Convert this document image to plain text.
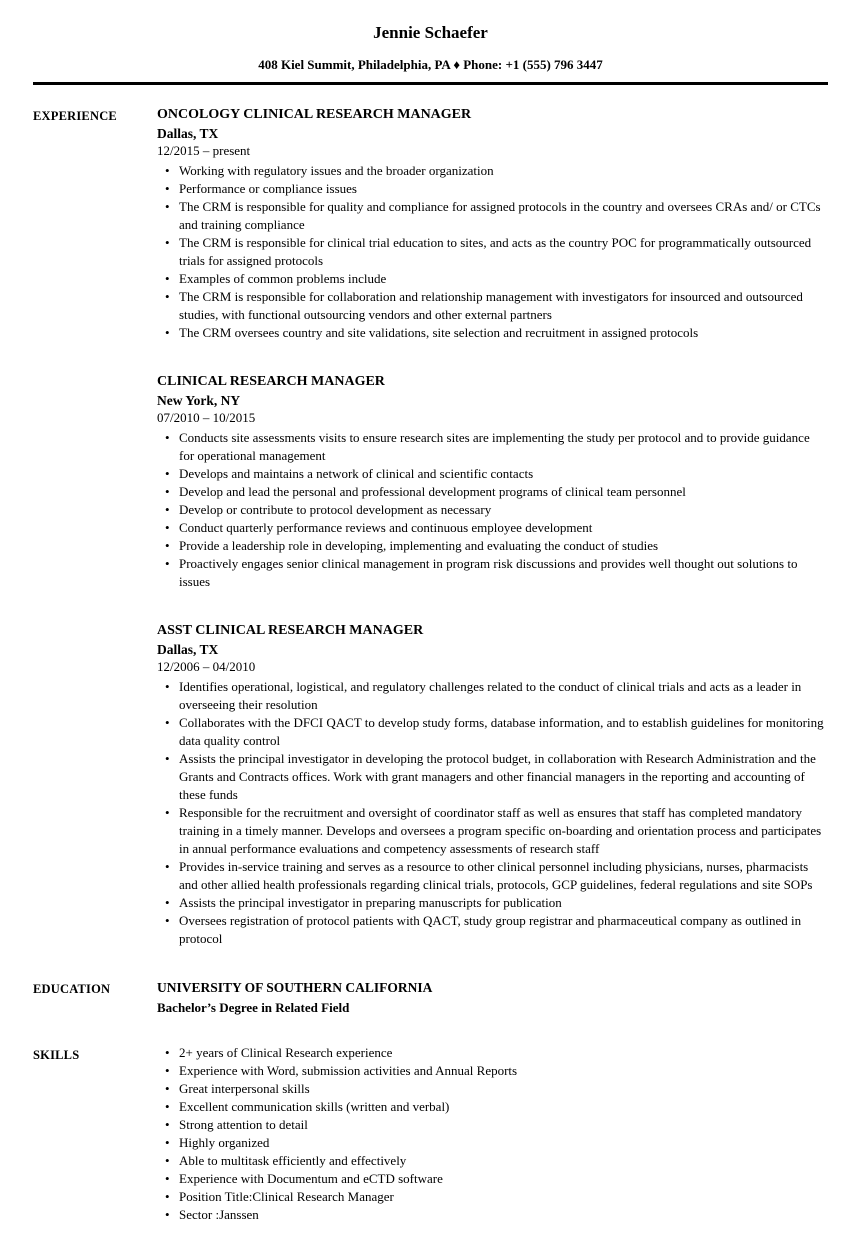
Jennie Schaefer
408 Kiel Summit, Philadelphia, PA ♦ Phone: +1 (555) 796 3447
EXPERIENCE	ONCOLOGY CLINICAL RESEARCH MANAGER
Dallas, TX
12/2015 – present
• Working with regulatory issues and the broader organization
• Performance or compliance issues
• The CRM is responsible for quality and compliance for assigned protocols in the country and oversees CRAs and/ or CTCs and training compliance
• The CRM is responsible for clinical trial education to sites, and acts as the country POC for programmatically outsourced trials for assigned protocols
• Examples of common problems include
• The CRM is responsible for collaboration and relationship management with investigators for insourced and outsourced studies, with functional outsourcing vendors and other external partners
• The CRM oversees country and site validations, site selection and recruitment in assigned protocols
CLINICAL RESEARCH MANAGER
New York, NY
07/2010 – 10/2015
• Conducts site assessments visits to ensure research sites are implementing the study per protocol and to provide guidance for operational management
• Develops and maintains a network of clinical and scientific contacts
• Develop and lead the personal and professional development programs of clinical team personnel
• Develop or contribute to protocol development as necessary
• Conduct quarterly performance reviews and continuous employee development
• Provide a leadership role in developing, implementing and evaluating the conduct of studies
• Proactively engages senior clinical management in program risk discussions and provides well thought out solutions to issues
ASST CLINICAL RESEARCH MANAGER
Dallas, TX
12/2006 – 04/2010
• Identifies operational, logistical, and regulatory challenges related to the conduct of clinical trials and acts as a leader in overseeing their resolution
• Collaborates with the DFCI QACT to develop study forms, database information, and to establish guidelines for monitoring data quality control
• Assists the principal investigator in developing the protocol budget, in collaboration with Research Administration and the Grants and Contracts offices. Work with grant managers and other financial managers in the reporting and accounting of these funds
• Responsible for the recruitment and oversight of coordinator staff as well as ensures that staff has completed mandatory training in a timely manner. Develops and oversees a program specific on-boarding and orientation process and participates in annual performance evaluations and competency assessments of research staff
• Provides in-service training and serves as a resource to other clinical personnel including physicians, nurses, pharmacists and other allied health professionals regarding clinical trials, protocols, GCP guidelines, federal regulations and site SOPs
• Assists the principal investigator in preparing manuscripts for publication
• Oversees registration of protocol patients with QACT, study group registrar and pharmaceutical company as outlined in protocol
EDUCATION	UNIVERSITY OF SOUTHERN CALIFORNIA
Bachelor’s Degree in Related Field
SKILLS	• 2+ years of Clinical Research experience
• Experience with Word, submission activities and Annual Reports
• Great interpersonal skills
• Excellent communication skills (written and verbal)
• Strong attention to detail
• Highly organized
• Able to multitask efficiently and effectively
• Experience with Documentum and eCTD software
• Position Title:Clinical Research Manager
• Sector :Janssen
